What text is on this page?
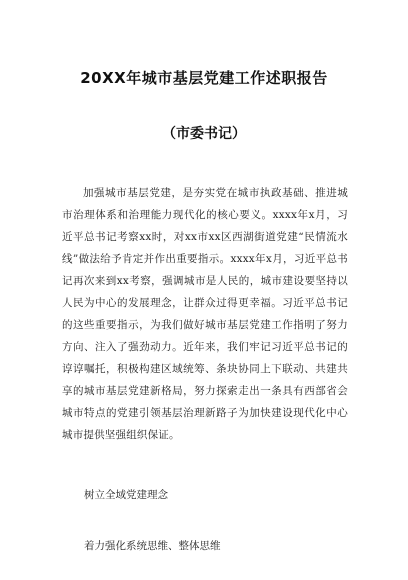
20XX年城市基层党建工作述职报告
（市委书记）
加强城市基层党建，是夯实党在城市执政基础、推进城市治理体系和治理能力现代化的核心要义。xxxx年x月，习近平总书记考察xx时，对xx市xx区西湖街道党建“民情流水线”做法给予肯定并作出重要指示。xxxx年x月，习近平总书记再次来到xx考察，强调城市是人民的，城市建设要坚持以人民为中心的发展理念，让群众过得更幸福。习近平总书记的这些重要指示，为我们做好城市基层党建工作指明了努力方向、注入了强劲动力。近年来，我们牢记习近平总书记的谆谆嘱托，积极构建区域统筹、条块协同上下联动、共建共享的城市基层党建新格局，努力探索走出一条具有西部省会城市特点的党建引领基层治理新路子为加快建设现代化中心城市提供坚强组织保证。
树立全域党建理念
着力强化系统思维、整体思维
